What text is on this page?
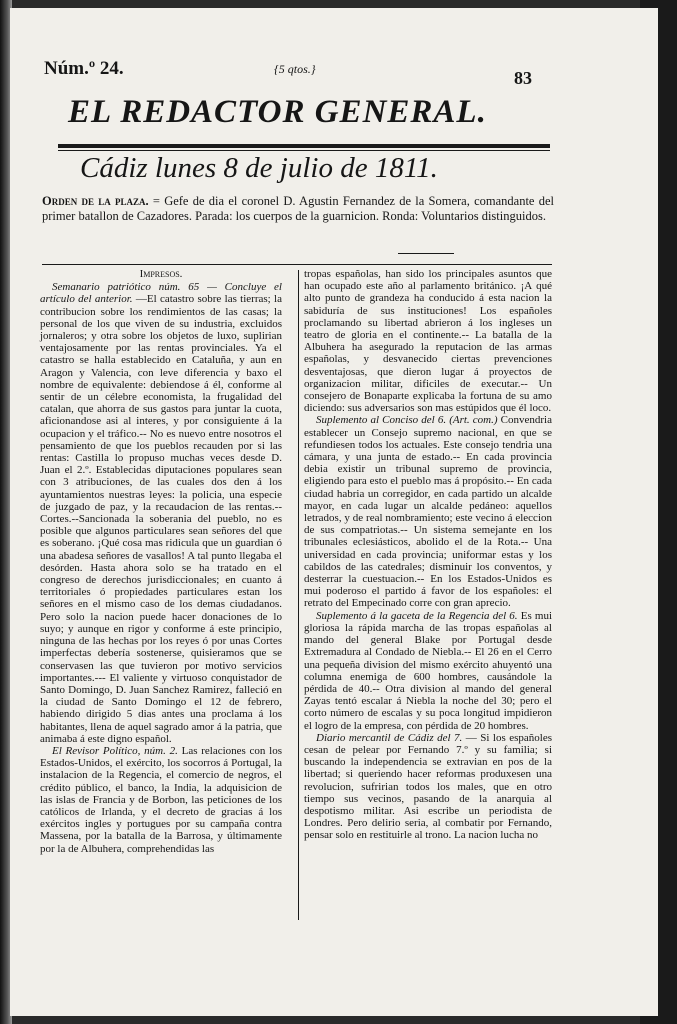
Núm.º 24.	{5 qtos.}	83
EL REDACTOR GENERAL.
Cádiz lunes 8 de julio de 1811.
Orden de la plaza. = Gefe de dia el coronel D. Agustin Fernandez de la Somera, comandante del primer batallon de Cazadores. Parada: los cuerpos de la guarnicion. Ronda: Voluntarios distinguidos.
Impresos.

Semanario patriótico núm. 65 — Concluye el artículo del anterior. —El catastro sobre las tierras; la contribucion sobre los rendimientos de las casas; la personal de los que viven de su industria, excluidos jornaleros; y otra sobre los objetos de luxo, suplirian ventajosamente por las rentas provinciales. Ya el catastro se halla establecido en Cataluña, y aun en Aragon y Valencia, con leve diferencia y baxo el nombre de equivalente: debiendose á él, conforme al sentir de un célebre economista, la frugalidad del catalan, que ahorra de sus gastos para juntar la cuota, aficionandose asi al interes, y por consiguiente á la ocupacion y el tráfico.-- No es nuevo entre nosotros el pensamiento de que los pueblos recauden por si las rentas: Castilla lo propuso muchas veces desde D. Juan el 2.º. Establecidas diputaciones populares sean con 3 atribuciones, de las cuales dos den á los ayuntamientos nuestras leyes: la policia, una especie de juzgado de paz, y la recaudacion de las rentas.-- Cortes.--Sancionada la soberania del pueblo, no es posible que algunos particulares sean señores del que es soberano. ¡Qué cosa mas ridicula que un guardian ó una abadesa señores de vasallos! A tal punto llegaba el desórden. Hasta ahora solo se ha tratado en el congreso de derechos jurisdiccionales; en cuanto á territoriales ó propiedades particulares estan los señores en el mismo caso de los demas ciudadanos. Pero solo la nacion puede hacer donaciones de lo suyo; y aunque en rigor y conforme á este principio, ninguna de las hechas por los reyes ó por unas Cortes imperfectas debería sostenerse, quisieramos que se conservasen las que tuvieron por motivo servicios importantes.--- El valiente y virtuoso conquistador de Santo Domingo, D. Juan Sanchez Ramirez, falleció en la ciudad de Santo Domingo el 12 de febrero, habiendo dirigido 5 dias antes una proclama á los habitantes, llena de aquel sagrado amor á la patria, que animaba á este digno español.

El Revisor Político, núm. 2. Las relaciones con los Estados-Unidos, el exército, los socorros á Portugal, la instalacion de la Regencia, el comercio de negros, el crédito público, el banco, la India, la adquisicion de las islas de Francia y de Borbon, las peticiones de los católicos de Irlanda, y el decreto de gracias á los exércitos ingles y portugues por su campaña contra Massena, por la batalla de la Barrosa, y últimamente por la de Albuhera, comprehendidas las

tropas españolas, han sido los principales asuntos que han ocupado este año al parlamento británico. ¡A qué alto punto de grandeza ha conducido á esta nacion la sabiduría de sus instituciones! Los españoles proclamando su libertad abrieron á los ingleses un teatro de gloria en el continente.-- La batalla de la Albuhera ha asegurado la reputacion de las armas españolas, y desvanecido ciertas prevenciones desventajosas, que dieron lugar á proyectos de organizacion militar, dificiles de executar.-- Un consejero de Bonaparte explicaba la fortuna de su amo diciendo: sus adversarios son mas estúpidos que él loco.

Suplemento al Conciso del 6. (Art. com.) Convendria establecer un Consejo supremo nacional, en que se refundiesen todos los actuales. Este consejo tendria una cámara, y una junta de estado.-- En cada provincia debia existir un tribunal supremo de provincia, eligiendo para esto el pueblo mas á propósito.-- En cada ciudad habria un corregidor, en cada partido un alcalde mayor, en cada lugar un alcalde pedáneo: aquellos letrados, y de real nombramiento; este vecino á eleccion de sus compatriotas.-- Un sistema semejante en los tribunales eclesiásticos, abolido el de la Rota.-- Una universidad en cada provincia; uniformar estas y los cabildos de las catedrales; disminuir los conventos, y desterrar la cuestuacion.-- En los Estados-Unidos es mui poderoso el partido á favor de los españoles: el retrato del Empecinado corre con gran aprecio.

Suplemento á la gaceta de la Regencia del 6. Es mui gloriosa la rápida marcha de las tropas españolas al mando del general Blake por Portugal desde Extremadura al Condado de Niebla.-- El 26 en el Cerro una pequeña division del mismo exército ahuyentó una columna enemiga de 600 hombres, causándole la pérdida de 40.-- Otra division al mando del general Zayas tentó escalar á Niebla la noche del 30; pero el corto número de escalas y su poca longitud impidieron el logro de la empresa, con pérdida de 20 hombres.

Diario mercantil de Cádiz del 7. — Si los españoles cesan de pelear por Fernando 7.º y su familia; si buscando la independencia se extravian en pos de la libertad; si queriendo hacer reformas produxesen una revolucion, sufririan todos los males, que en otro tiempo sus vecinos, pasando de la anarquia al despotismo militar. Asi escribe un periodista de Londres. Pero delirio seria, al combatir por Fernando, pensar solo en restituirle al trono. La nacion lucha no
